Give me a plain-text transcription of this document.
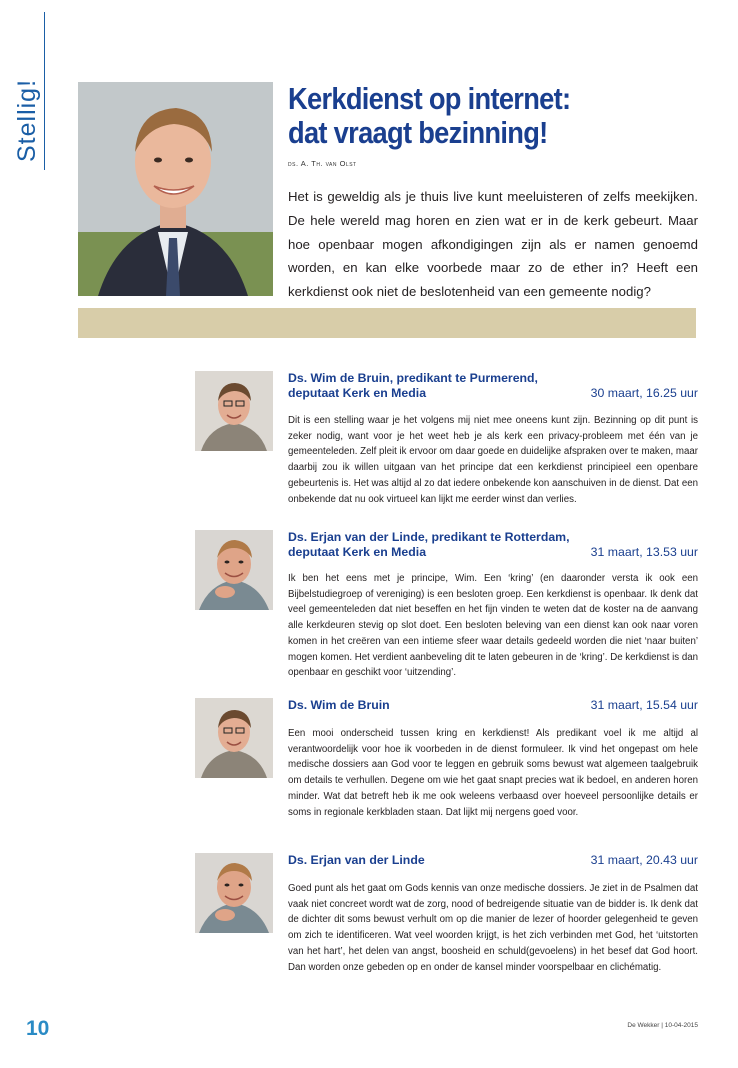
Stellig!	Kerkdienst op internet:
dat vraagt bezinning!
ds. A. Th. van Olst
Het is geweldig als je thuis live kunt meeluisteren of zelfs meekijken. De hele wereld mag horen en zien wat er in de kerk gebeurt. Maar hoe openbaar mogen afkondigingen zijn als er namen genoemd worden, en kan elke voorbede maar zo de ether in? Heeft een kerkdienst ook niet de beslotenheid van een gemeente nodig?
Ds. Wim de Bruin, predikant te Purmerend,
deputaat Kerk en Media	30 maart, 16.25 uur
Dit is een stelling waar je het volgens mij niet mee oneens kunt zijn. Bezinning op dit punt is zeker nodig, want voor je het weet heb je als kerk een privacy-probleem met één van je gemeenteleden. Zelf pleit ik ervoor om daar goede en duidelijke afspraken over te maken, maar daarbij zou ik willen uitgaan van het principe dat een kerkdienst principieel een openbare gebeurtenis is. Het was altijd al zo dat iedere onbekende kon aanschuiven in de dienst. Dat een onbekende dat nu ook virtueel kan lijkt me eerder winst dan verlies.
Ds. Erjan van der Linde, predikant te Rotterdam,
deputaat Kerk en Media	31 maart, 13.53 uur
Ik ben het eens met je principe, Wim. Een ‘kring’ (en daaronder versta ik ook een Bijbelstudiegroep of vereniging) is een besloten groep. Een kerkdienst is openbaar. Ik denk dat veel gemeenteleden dat niet beseffen en het fijn vinden te weten dat de koster na de aanvang alle kerkdeuren stevig op slot doet. Een besloten beleving van een dienst kan ook naar voren komen in het creëren van een intieme sfeer waar details gedeeld worden die niet ‘naar buiten’ mogen komen. Het verdient aanbeveling dit te laten gebeuren in de ‘kring’. De kerkdienst is dan openbaar en geschikt voor ‘uitzending’.
Ds. Wim de Bruin	31 maart, 15.54 uur
Een mooi onderscheid tussen kring en kerkdienst! Als predikant voel ik me altijd al verantwoordelijk voor hoe ik voorbeden in de dienst formuleer. Ik vind het ongepast om hele medische dossiers aan God voor te leggen en gebruik soms bewust wat algemeen taalgebruik om details te verhullen. Degene om wie het gaat snapt precies wat ik bedoel, en anderen horen minder. Wat dat betreft heb ik me ook weleens verbaasd over hoeveel persoonlijke details er soms in regionale kerkbladen staan. Dat lijkt mij nergens goed voor.
Ds. Erjan van der Linde	31 maart, 20.43 uur
Goed punt als het gaat om Gods kennis van onze medische dossiers. Je ziet in de Psalmen dat vaak niet concreet wordt wat de zorg, nood of bedreigende situatie van de bidder is. Ik denk dat de dichter dit soms bewust verhult om op die manier de lezer of hoorder gelegenheid te geven om zich te identificeren. Wat veel woorden krijgt, is het zich verbinden met God, het ‘uitstorten van het hart’, het delen van angst, boosheid en schuld(gevoelens) in het besef dat God hoort. Dan worden onze gebeden op en onder de kansel minder voorspelbaar en clichématig.
10	De Wekker | 10-04-2015
